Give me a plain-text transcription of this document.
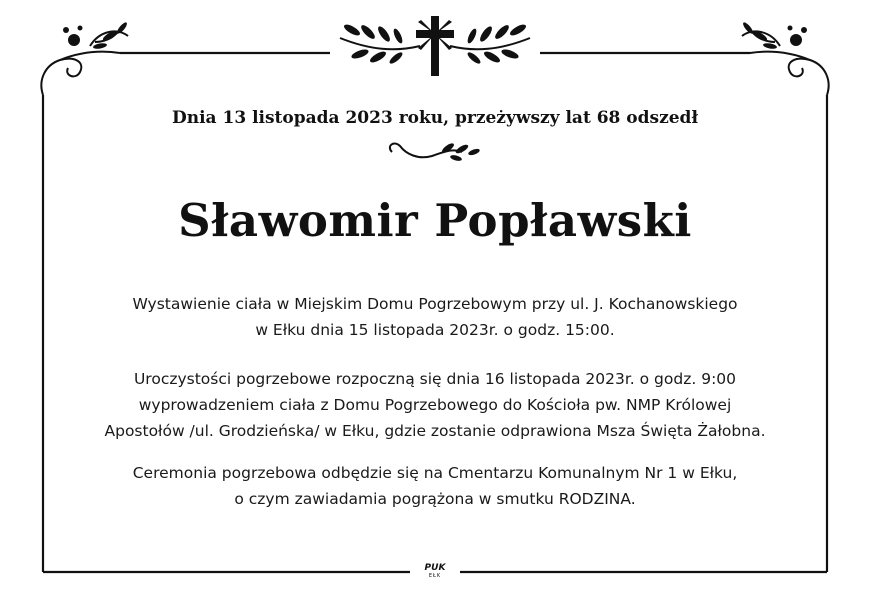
Dnia 13 listopada 2023 roku, przeżywszy lat 68 odszedł
Sławomir Popławski
Wystawienie ciała w Miejskim Domu Pogrzebowym przy ul. J. Kochanowskiego
w Ełku dnia 15 listopada 2023r. o godz. 15:00.
Uroczystości pogrzebowe rozpoczną się dnia 16 listopada 2023r. o godz. 9:00
wyprowadzeniem ciała z Domu Pogrzebowego do Kościoła pw. NMP Królowej
Apostołów /ul. Grodzieńska/ w Ełku, gdzie zostanie odprawiona Msza Święta Żałobna.
Ceremonia pogrzebowa odbędzie się na Cmentarzu Komunalnym Nr 1 w Ełku,
o czym zawiadamia pogrążona w smutku RODZINA.
PUK
EŁK
